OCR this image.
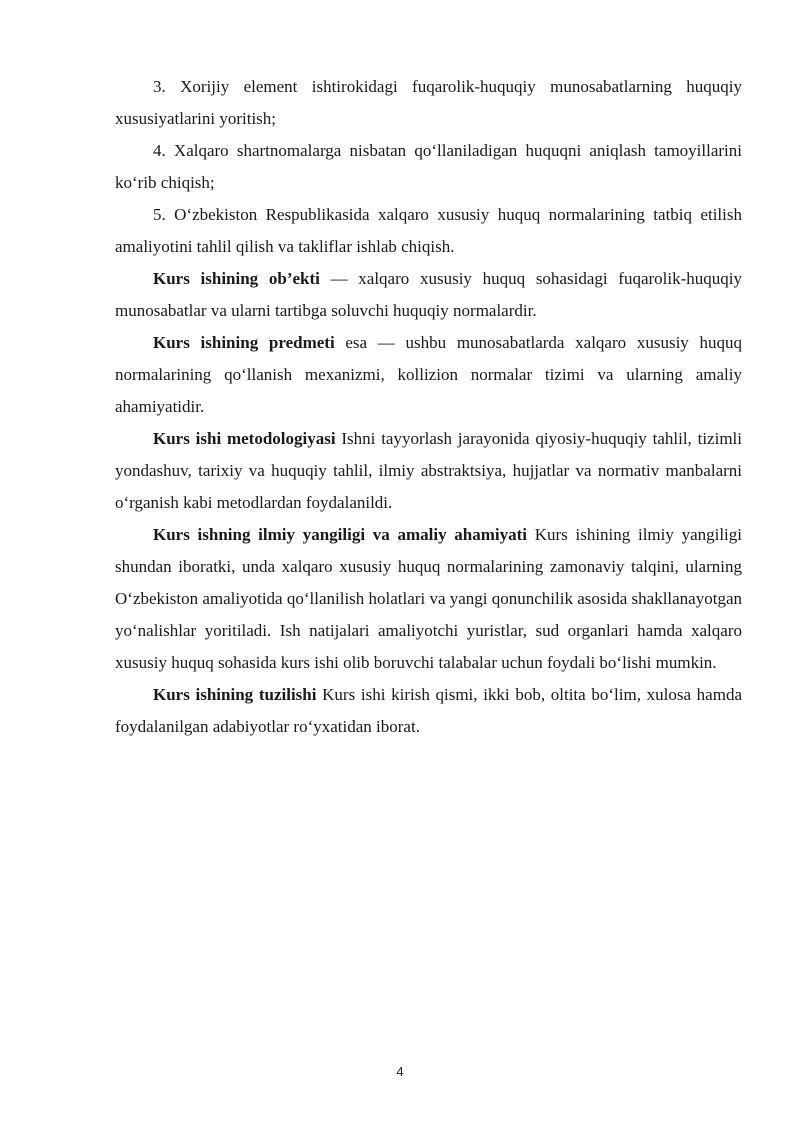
3. Xorijiy element ishtirokidagi fuqarolik-huquqiy munosabatlarning huquqiy xususiyatlarini yoritish;

4. Xalqaro shartnomalarga nisbatan qo‘llaniladigan huquqni aniqlash tamoyillarini ko‘rib chiqish;

5. O‘zbekiston Respublikasida xalqaro xususiy huquq normalarining tatbiq etilish amaliyotini tahlil qilish va takliflar ishlab chiqish.

Kurs ishining ob’ekti — xalqaro xususiy huquq sohasidagi fuqarolik-huquqiy munosabatlar va ularni tartibga soluvchi huquqiy normalardir.

Kurs ishining predmeti esa — ushbu munosabatlarda xalqaro xususiy huquq normalarining qo‘llanish mexanizmi, kollizion normalar tizimi va ularning amaliy ahamiyatidir.

Kurs ishi metodologiyasi Ishni tayyorlash jarayonida qiyosiy-huquqiy tahlil, tizimli yondashuv, tarixiy va huquqiy tahlil, ilmiy abstraktsiya, hujjatlar va normativ manbalarni o‘rganish kabi metodlardan foydalanildi.

Kurs ishning ilmiy yangiligi va amaliy ahamiyati Kurs ishining ilmiy yangiligi shundan iboratki, unda xalqaro xususiy huquq normalarining zamonaviy talqini, ularning O‘zbekiston amaliyotida qo‘llanilish holatlari va yangi qonunchilik asosida shakllanayotgan yo‘nalishlar yoritiladi. Ish natijalari amaliyotchi yuristlar, sud organlari hamda xalqaro xususiy huquq sohasida kurs ishi olib boruvchi talabalar uchun foydali bo‘lishi mumkin.

Kurs ishining tuzilishi Kurs ishi kirish qismi, ikki bob, oltita bo‘lim, xulosa hamda foydalanilgan adabiyotlar ro‘yxatidan iborat.

4
